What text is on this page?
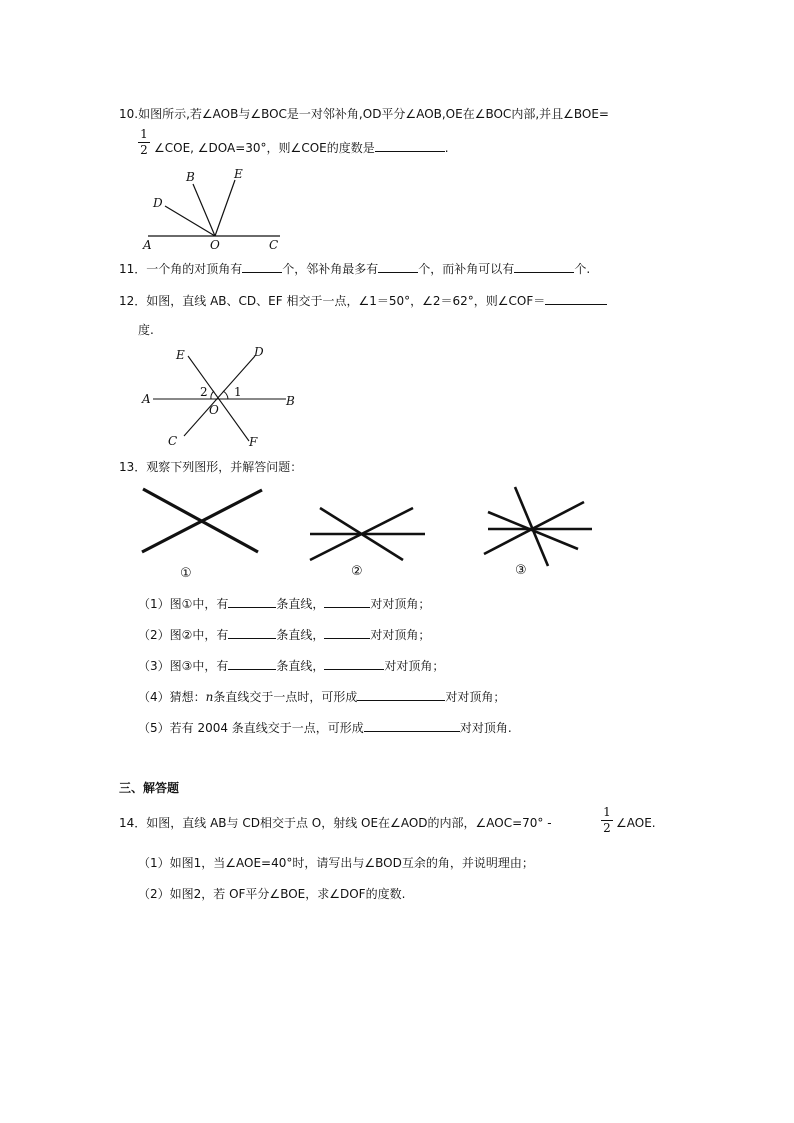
10.如图所示,若∠AOB与∠BOC是一对邻补角,OD平分∠AOB,OE在∠BOC内部,并且∠BOE=
1
2 ∠COE, ∠DOA=30°，则∠COE的度数是	.
B	E
D
A	O	C
11．一个角的对顶角有	个，邻补角最多有	个，而补角可以有	个.
12．如图，直线 AB、CD、EF 相交于一点，∠1＝50°，∠2＝62°，则∠COF＝
度.
E	D
A	B
C	F
O
1
2
13．观察下列图形，并解答问题：
①	②	③
（1）图①中，有	条直线，	对对顶角；
（2）图②中，有	条直线，	对对顶角；
（3）图③中，有	条直线，	对对顶角；
（4）猜想：n条直线交于一点时，可形成	对对顶角；
（5）若有 2004 条直线交于一点，可形成	对对顶角.
三、解答题
14．如图，直线 AB与 CD相交于点 O，射线 OE在∠AOD的内部，∠AOC=70° -
1
2 ∠AOE.
（1）如图1，当∠AOE=40°时，请写出与∠BOD互余的角，并说明理由；
（2）如图2，若 OF平分∠BOE，求∠DOF的度数.
